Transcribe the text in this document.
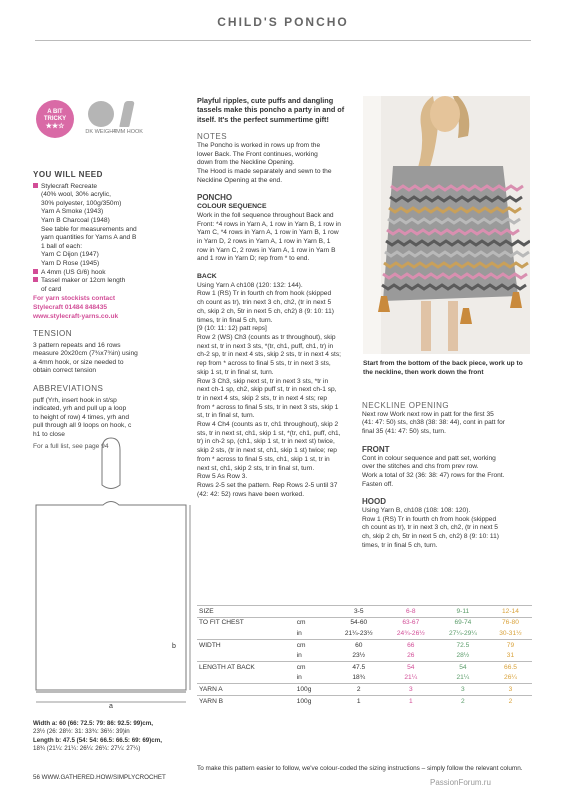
CHILD'S PONCHO
A BIT
TRICKY
★★☆
DK WEIGHT
4MM HOOK
YOU WILL NEED
Stylecraft Recreate
(40% wool, 30% acrylic,
30% polyester, 100g/350m)
Yarn A Smoke (1943)
Yarn B Charcoal (1948)
See table for measurements and
yarn quantities for Yarns A and B
1 ball of each:
Yarn C Dijon (1947)
Yarn D Rose (1945)
A 4mm (US G/6) hook
Tassel maker or 12cm length
of card
For yarn stockists contact
Stylecraft 01484 848435
www.stylecraft-yarns.co.uk
TENSION
3 pattern repeats and 16 rows
measure 20x20cm (7¾x7¾in) using
a 4mm hook, or size needed to
obtain correct tension
ABBREVIATIONS
puff (Yrh, insert hook in st/sp
indicated, yrh and pull up a loop
to height of row) 4 times, yrh and
pull through all 9 loops on hook, c
h1 to close
For a full list, see page 94

Playful ripples, cute puffs and dangling tassels make this poncho a party in and of itself. It's the perfect summertime gift!

NOTES
The Poncho is worked in rows up from the
lower Back. The Front continues, working
down from the Neckline Opening.
The Hood is made separately and sewn to the
Neckline Opening at the end.
PONCHO
COLOUR SEQUENCE
Work in the foll sequence throughout Back and
Front: *4 rows in Yarn A, 1 row in Yarn B, 1 row in
Yarn C, *4 rows in Yarn A, 1 row in Yarn B, 1 row
in Yarn D, 2 rows in Yarn A, 1 row in Yarn B, 1
row in Yarn C, 2 rows in Yarn A, 1 row in Yarn B
and 1 row in Yarn D; rep from * to end.
BACK
Using Yarn A ch108 (120: 132: 144).
Row 1 (RS) Tr in fourth ch from hook (skipped
ch count as tr), trin next 3 ch, ch2, (tr in next 5
ch, skip 2 ch, 5tr in next 5 ch, ch2) 8 (9: 10: 11)
times, tr in final 5 ch, turn.
[9 (10: 11: 12) patt reps]
Row 2 (WS) Ch3 (counts as tr throughout), skip
next st, tr in next 3 sts, *(tr, ch1, puff, ch1, tr) in
ch-2 sp, tr in next 4 sts, skip 2 sts, tr in next 4 sts;
rep from * across to final 5 sts, tr in next 3 sts,
skip 1 st, tr in final st, turn.
Row 3 Ch3, skip next st, tr in next 3 sts, *tr in
next ch-1 sp, ch2, skip puff st, tr in next ch-1 sp,
tr in next 4 sts, skip 2 sts, tr in next 4 sts; rep
from * across to final 5 sts, tr in next 3 sts, skip 1
st, tr in final st, turn.
Row 4 Ch4 (counts as tr, ch1 throughout), skip 2
sts, tr in next st, ch1, skip 1 st, *(tr, ch1, puff, ch1,
tr) in ch-2 sp, (ch1, skip 1 st, tr in next st) twice,
skip 2 sts, (tr in next st, ch1, skip 1 st) twice; rep
from * across to final 5 sts, ch1, skip 1 st, tr in
next st, ch1, skip 2 sts, tr in final st, turn.
Row 5 As Row 3.
Rows 2-5 set the pattern. Rep Rows 2-5 until 37
(42: 42: 52) rows have been worked.
Start from the bottom of the back piece, work up to the neckline, then work down the front
NECKLINE OPENING
Next row Work next row in patt for the first 35
(41: 47: 50) sts, ch38 (38: 38: 44), cont in patt for
final 35 (41: 47: 50) sts, turn.
FRONT
Cont in colour sequence and patt set, working
over the stitches and chs from prev row.
Work a total of 32 (36: 38: 47) rows for the Front.
Fasten off.
HOOD
Using Yarn B, ch108 (108: 108: 120).
Row 1 (RS) Tr in fourth ch from hook (skipped
ch count as tr), tr in next 3 ch, ch2, (tr in next 5
ch, skip 2 ch, 5tr in next 5 ch, ch2) 8 (9: 10: 11)
times, tr in final 5 ch, turn.
a
b
Width a: 60 (66: 72.5: 79: 86: 92.5: 99)cm,
23½ (26: 28½: 31: 33¾: 36½: 39)in
Length b: 47.5 (54: 54: 66.5: 66.5: 69: 69)cm,
18¾ (21¼: 21¼: 26¼: 26¼: 27¼: 27¼)
SIZE		3-5	6-8	9-11	12-14
TO FIT CHEST	cm	54-60	63-67	69-74	76-80
	in	21¼-23½	24¾-26½	27¼-29¼	30-31½
WIDTH	cm	60	66	72.5	79
	in	23½	26	28½	31
LENGTH AT BACK	cm	47.5	54	54	66.5
	in	18¾	21¼	21¼	26¼
YARN A	100g	2	3	3	3
YARN B	100g	1	1	2	2
To make this pattern easier to follow, we've colour-coded the sizing instructions – simply follow the relevant column.
56 WWW.GATHERED.HOW/SIMPLYCROCHET
PassionForum.ru
